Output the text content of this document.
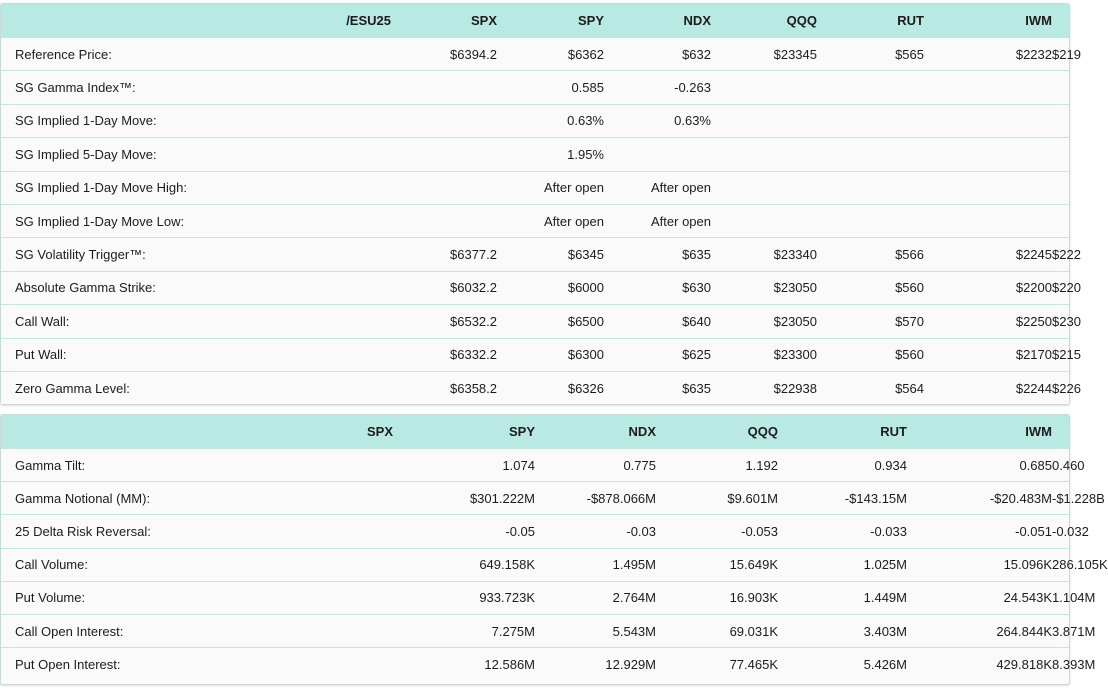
	/ESU25	SPX	SPY	NDX	QQQ	RUT	IWM		
Reference Price:		$6394.2	$6362	$632	$23345	$565	$2232	$219	
SG Gamma Index™:			0.585	-0.263					
SG Implied 1-Day Move:			0.63%	0.63%					
SG Implied 5-Day Move:			1.95%						
SG Implied 1-Day Move High:			After open	After open					
SG Implied 1-Day Move Low:			After open	After open					
SG Volatility Trigger™:		$6377.2	$6345	$635	$23340	$566	$2245	$222	
Absolute Gamma Strike:		$6032.2	$6000	$630	$23050	$560	$2200	$220	
Call Wall:		$6532.2	$6500	$640	$23050	$570	$2250	$230	
Put Wall:		$6332.2	$6300	$625	$23300	$560	$2170	$215	
Zero Gamma Level:		$6358.2	$6326	$635	$22938	$564	$2244	$226	
	SPX	SPY	NDX	QQQ	RUT	IWM		
Gamma Tilt:		1.074	0.775	1.192	0.934	0.685	0.460	
Gamma Notional (MM):		$301.222M	-$878.066M	$9.601M	-$143.15M	-$20.483M	-$1.228B	
25 Delta Risk Reversal:		-0.05	-0.03	-0.053	-0.033	-0.051	-0.032	
Call Volume:		649.158K	1.495M	15.649K	1.025M	15.096K	286.105K	
Put Volume:		933.723K	2.764M	16.903K	1.449M	24.543K	1.104M	
Call Open Interest:		7.275M	5.543M	69.031K	3.403M	264.844K	3.871M	
Put Open Interest:		12.586M	12.929M	77.465K	5.426M	429.818K	8.393M	
